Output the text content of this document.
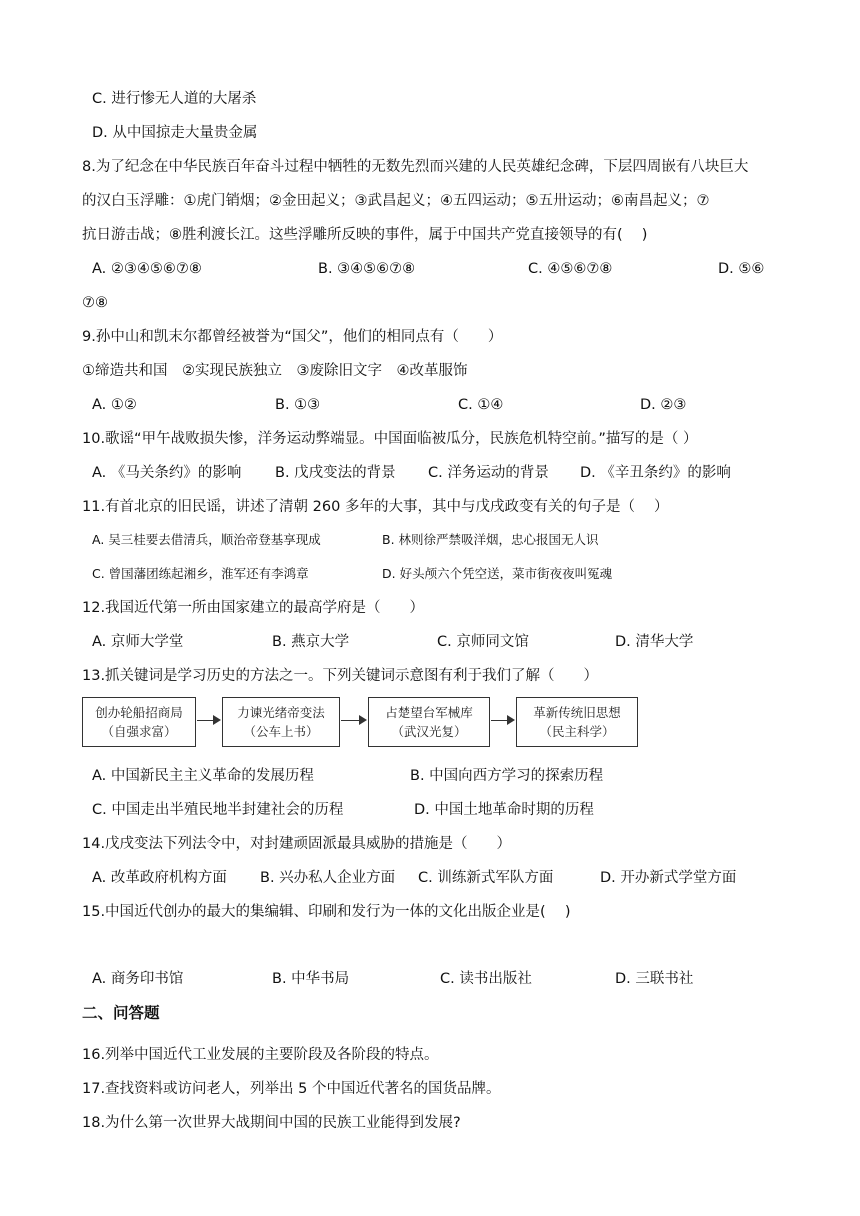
C. 进行惨无人道的大屠杀
D. 从中国掠走大量贵金属
8.为了纪念在中华民族百年奋斗过程中牺牲的无数先烈而兴建的人民英雄纪念碑，下层四周嵌有八块巨大
的汉白玉浮雕：①虎门销烟；②金田起义；③武昌起义；④五四运动；⑤五卅运动；⑥南昌起义；⑦
抗日游击战；⑧胜利渡长江。这些浮雕所反映的事件，属于中国共产党直接领导的有(　 )
A. ②③④⑤⑥⑦⑧	B. ③④⑤⑥⑦⑧	C. ④⑤⑥⑦⑧	D. ⑤⑥
⑦⑧
9.孙中山和凯末尔都曾经被誉为“国父”，他们的相同点有（　　）
①缔造共和国　②实现民族独立　③废除旧文字　④改革服饰
A. ①②	B. ①③	C. ①④	D. ②③
10.歌谣“甲午战败损失惨，洋务运动弊端显。中国面临被瓜分，民族危机特空前。”描写的是（ ）
A. 《马关条约》的影响 B. 戊戌变法的背景 C. 洋务运动的背景 D. 《辛丑条约》的影响
11.有首北京的旧民谣，讲述了清朝 260 多年的大事，其中与戊戌政变有关的句子是（　 ）
A. 吴三桂要去借清兵，顺治帝登基享现成	B. 林则徐严禁吸洋烟，忠心报国无人识
C. 曾国藩团练起湘乡，淮军还有李鸿章	D. 好头颅六个凭空送，菜市街夜夜叫冤魂
12.我国近代第一所由国家建立的最高学府是（　　）
A. 京师大学堂	B. 燕京大学	C. 京师同文馆	D. 清华大学
13.抓关键词是学习历史的方法之一。下列关键词示意图有利于我们了解（　　）
创办轮船招商局
（自强求富）
力谏光绪帝变法
（公车上书）
占楚望台军械库
（武汉光复）
革新传统旧思想
（民主科学）
A. 中国新民主主义革命的发展历程	B. 中国向西方学习的探索历程
C. 中国走出半殖民地半封建社会的历程	D. 中国土地革命时期的历程
14.戊戌变法下列法令中，对封建顽固派最具威胁的措施是（　　）
A. 改革政府机构方面 B. 兴办私人企业方面 C. 训练新式军队方面	D. 开办新式学堂方面
15.中国近代创办的最大的集编辑、印刷和发行为一体的文化出版企业是(　 )
A. 商务印书馆	B. 中华书局	C. 读书出版社	D. 三联书社
二、问答题
16.列举中国近代工业发展的主要阶段及各阶段的特点。
17.查找资料或访问老人，列举出 5 个中国近代著名的国货品牌。
18.为什么第一次世界大战期间中国的民族工业能得到发展?
